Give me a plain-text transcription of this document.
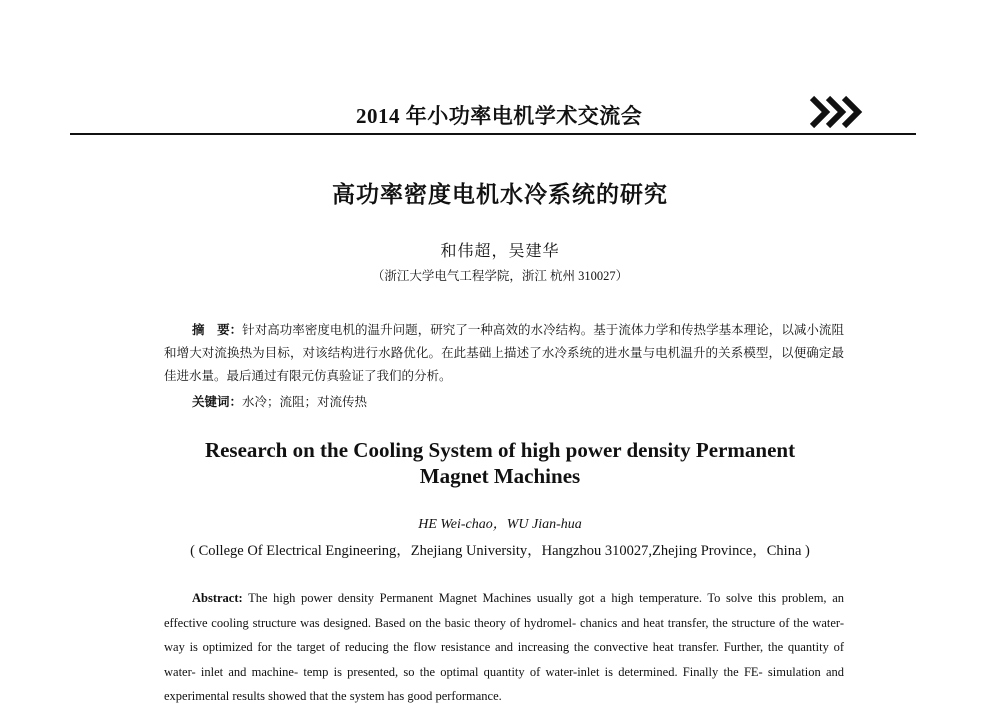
2014 年小功率电机学术交流会
高功率密度电机水冷系统的研究
和伟超，吴建华
（浙江大学电气工程学院，浙江 杭州 310027）
摘　要：针对高功率密度电机的温升问题，研究了一种高效的水冷结构。基于流体力学和传热学基本理论，以减小流阻和增大对流换热为目标，对该结构进行水路优化。在此基础上描述了水冷系统的进水量与电机温升的关系模型，以便确定最佳进水量。最后通过有限元仿真验证了我们的分析。
关键词：水冷；流阻；对流传热
Research on the Cooling System of high power density Permanent
Magnet Machines
HE Wei-chao，WU Jian-hua
( College Of Electrical Engineering，Zhejiang University，Hangzhou 310027,Zhejing Province，China )
Abstract: The high power density Permanent Magnet Machines usually got a high temperature. To solve this problem, an effective cooling structure was designed. Based on the basic theory of hydromel- chanics and heat transfer, the structure of the water-way is optimized for the target of reducing the flow resistance and increasing the convective heat transfer. Further, the quantity of water- inlet and machine- temp is presented, so the optimal quantity of water-inlet is determined. Finally the FE- simulation and experimental results showed that the system has good performance.
